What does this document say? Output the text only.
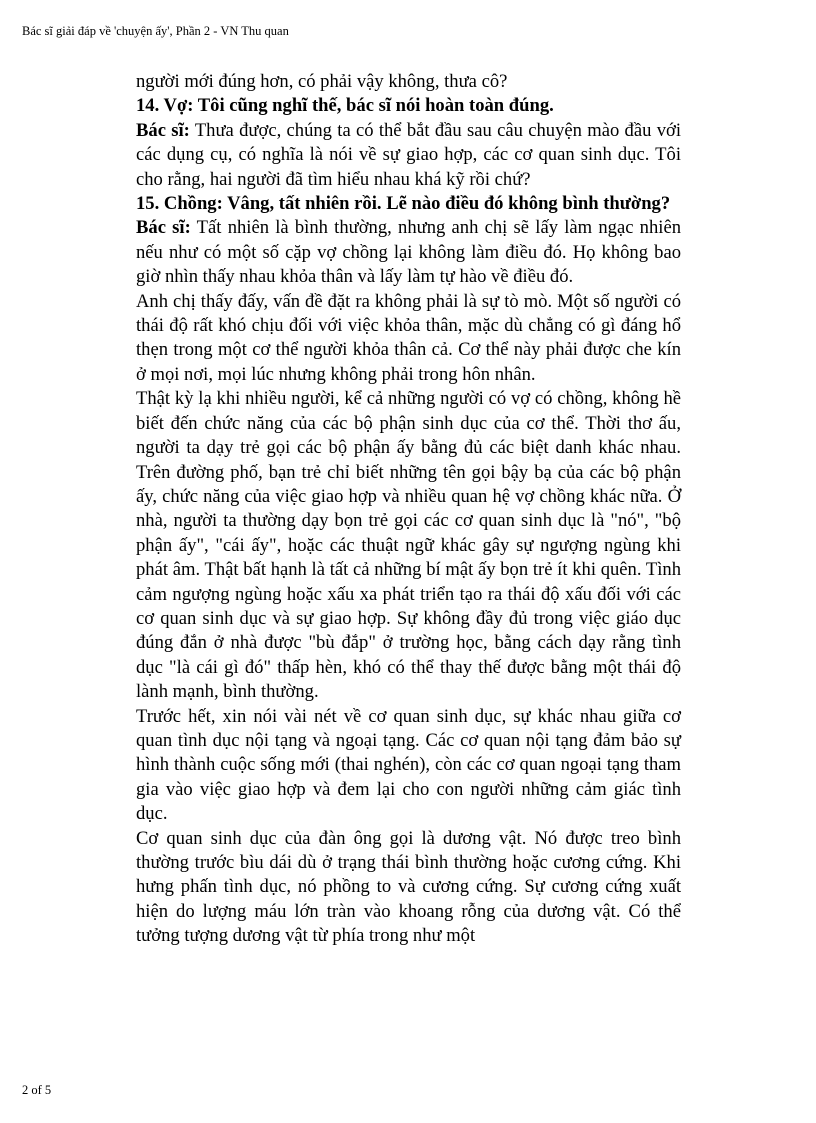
Bác sĩ giải đáp về 'chuyện ấy', Phần 2 - VN Thu quan

người mới đúng hơn, có phải vậy không, thưa cô?

14. Vợ: Tôi cũng nghĩ thế, bác sĩ nói hoàn toàn đúng.

Bác sĩ: Thưa được, chúng ta có thể bắt đầu sau câu chuyện mào đầu với các dụng cụ, có nghĩa là nói về sự giao hợp, các cơ quan sinh dục. Tôi cho rằng, hai người đã tìm hiểu nhau khá kỹ rồi chứ?

15. Chồng: Vâng, tất nhiên rồi. Lẽ nào điều đó không bình thường?

Bác sĩ: Tất nhiên là bình thường, nhưng anh chị sẽ lấy làm ngạc nhiên nếu như có một số cặp vợ chồng lại không làm điều đó. Họ không bao giờ nhìn thấy nhau khỏa thân và lấy làm tự hào về điều đó.

Anh chị thấy đấy, vấn đề đặt ra không phải là sự tò mò. Một số người có thái độ rất khó chịu đối với việc khỏa thân, mặc dù chẳng có gì đáng hổ thẹn trong một cơ thể người khỏa thân cả. Cơ thể này phải được che kín ở mọi nơi, mọi lúc nhưng không phải trong hôn nhân.

Thật kỳ lạ khi nhiều người, kể cả những người có vợ có chồng, không hề biết đến chức năng của các bộ phận sinh dục của cơ thể. Thời thơ ấu, người ta dạy trẻ gọi các bộ phận ấy bằng đủ các biệt danh khác nhau. Trên đường phố, bạn trẻ chỉ biết những tên gọi bậy bạ của các bộ phận ấy, chức năng của việc giao hợp và nhiều quan hệ vợ chồng khác nữa. Ở nhà, người ta thường dạy bọn trẻ gọi các cơ quan sinh dục là "nó", "bộ phận ấy", "cái ấy", hoặc các thuật ngữ khác gây sự ngượng ngùng khi phát âm. Thật bất hạnh là tất cả những bí mật ấy bọn trẻ ít khi quên. Tình cảm ngượng ngùng hoặc xấu xa phát triển tạo ra thái độ xấu đối với các cơ quan sinh dục và sự giao hợp. Sự không đầy đủ trong việc giáo dục đúng đắn ở nhà được "bù đắp" ở trường học, bằng cách dạy rằng tình dục "là cái gì đó" thấp hèn, khó có thể thay thế được bằng một thái độ lành mạnh, bình thường.

Trước hết, xin nói vài nét về cơ quan sinh dục, sự khác nhau giữa cơ quan tình dục nội tạng và ngoại tạng. Các cơ quan nội tạng đảm bảo sự hình thành cuộc sống mới (thai nghén), còn các cơ quan ngoại tạng tham gia vào việc giao hợp và đem lại cho con người những cảm giác tình dục.

Cơ quan sinh dục của đàn ông gọi là dương vật. Nó được treo bình thường trước bìu dái dù ở trạng thái bình thường hoặc cương cứng. Khi hưng phấn tình dục, nó phồng to và cương cứng. Sự cương cứng xuất hiện do lượng máu lớn tràn vào khoang rỗng của dương vật. Có thể tưởng tượng dương vật từ phía trong như một

2 of 5
